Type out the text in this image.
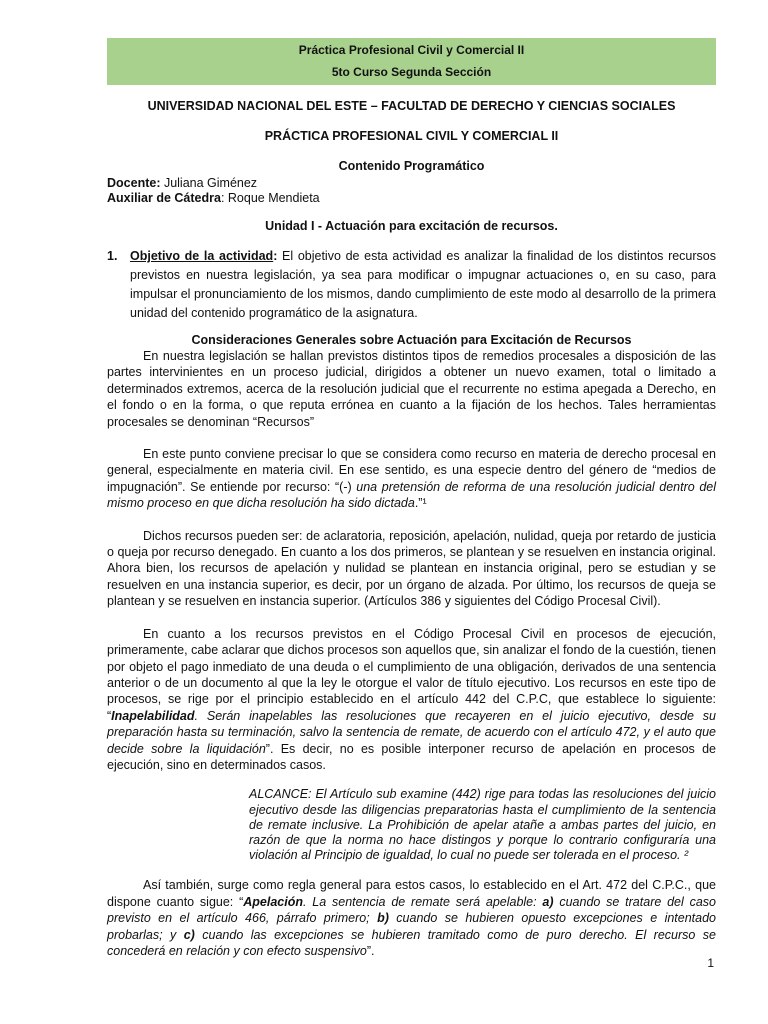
Práctica Profesional Civil y Comercial II
5to Curso Segunda Sección
UNIVERSIDAD NACIONAL DEL ESTE – FACULTAD DE DERECHO Y CIENCIAS SOCIALES
PRÁCTICA PROFESIONAL CIVIL Y COMERCIAL II
Contenido Programático
Docente: Juliana Giménez
Auxiliar de Cátedra: Roque Mendieta
Unidad I - Actuación para excitación de recursos.
1.	Objetivo de la actividad: El objetivo de esta actividad es analizar la finalidad de los distintos recursos previstos en nuestra legislación, ya sea para modificar o impugnar actuaciones o, en su caso, para impulsar el pronunciamiento de los mismos, dando cumplimiento de este modo al desarrollo de la primera unidad del contenido programático de la asignatura.
Consideraciones Generales sobre Actuación para Excitación de Recursos

En nuestra legislación se hallan previstos distintos tipos de remedios procesales a disposición de las partes intervinientes en un proceso judicial, dirigidos a obtener un nuevo examen, total o limitado a determinados extremos, acerca de la resolución judicial que el recurrente no estima apegada a Derecho, en el fondo o en la forma, o que reputa errónea en cuanto a la fijación de los hechos. Tales herramientas procesales se denominan “Recursos”

En este punto conviene precisar lo que se considera como recurso en materia de derecho procesal en general, especialmente en materia civil. En ese sentido, es una especie dentro del género de “medios de impugnación”. Se entiende por recurso: “(-) una pretensión de reforma de una resolución judicial dentro del mismo proceso en que dicha resolución ha sido dictada.”¹

Dichos recursos pueden ser: de aclaratoria, reposición, apelación, nulidad, queja por retardo de justicia o queja por recurso denegado. En cuanto a los dos primeros, se plantean y se resuelven en instancia original. Ahora bien, los recursos de apelación y nulidad se plantean en instancia original, pero se estudian y se resuelven en una instancia superior, es decir, por un órgano de alzada. Por último, los recursos de queja se plantean y se resuelven en instancia superior. (Artículos 386 y siguientes del Código Procesal Civil).

En cuanto a los recursos previstos en el Código Procesal Civil en procesos de ejecución, primeramente, cabe aclarar que dichos procesos son aquellos que, sin analizar el fondo de la cuestión, tienen por objeto el pago inmediato de una deuda o el cumplimiento de una obligación, derivados de una sentencia anterior o de un documento al que la ley le otorgue el valor de título ejecutivo. Los recursos en este tipo de procesos, se rige por el principio establecido en el artículo 442 del C.P.C, que establece lo siguiente: “Inapelabilidad. Serán inapelables las resoluciones que recayeren en el juicio ejecutivo, desde su preparación hasta su terminación, salvo la sentencia de remate, de acuerdo con el artículo 472, y el auto que decide sobre la liquidación”. Es decir, no es posible interponer recurso de apelación en procesos de ejecución, sino en determinados casos.

ALCANCE: El Artículo sub examine (442) rige para todas las resoluciones del juicio ejecutivo desde las diligencias preparatorias hasta el cumplimiento de la sentencia de remate inclusive. La Prohibición de apelar atañe a ambas partes del juicio, en razón de que la norma no hace distingos y porque lo contrario configuraría una violación al Principio de igualdad, lo cual no puede ser tolerada en el proceso. ²

Así también, surge como regla general para estos casos, lo establecido en el Art. 472 del C.P.C., que dispone cuanto sigue: “Apelación. La sentencia de remate será apelable: a) cuando se tratare del caso previsto en el artículo 466, párrafo primero; b) cuando se hubieren opuesto excepciones e intentado probarlas; y c) cuando las excepciones se hubieren tramitado como de puro derecho. El recurso se concederá en relación y con efecto suspensivo”.

1
